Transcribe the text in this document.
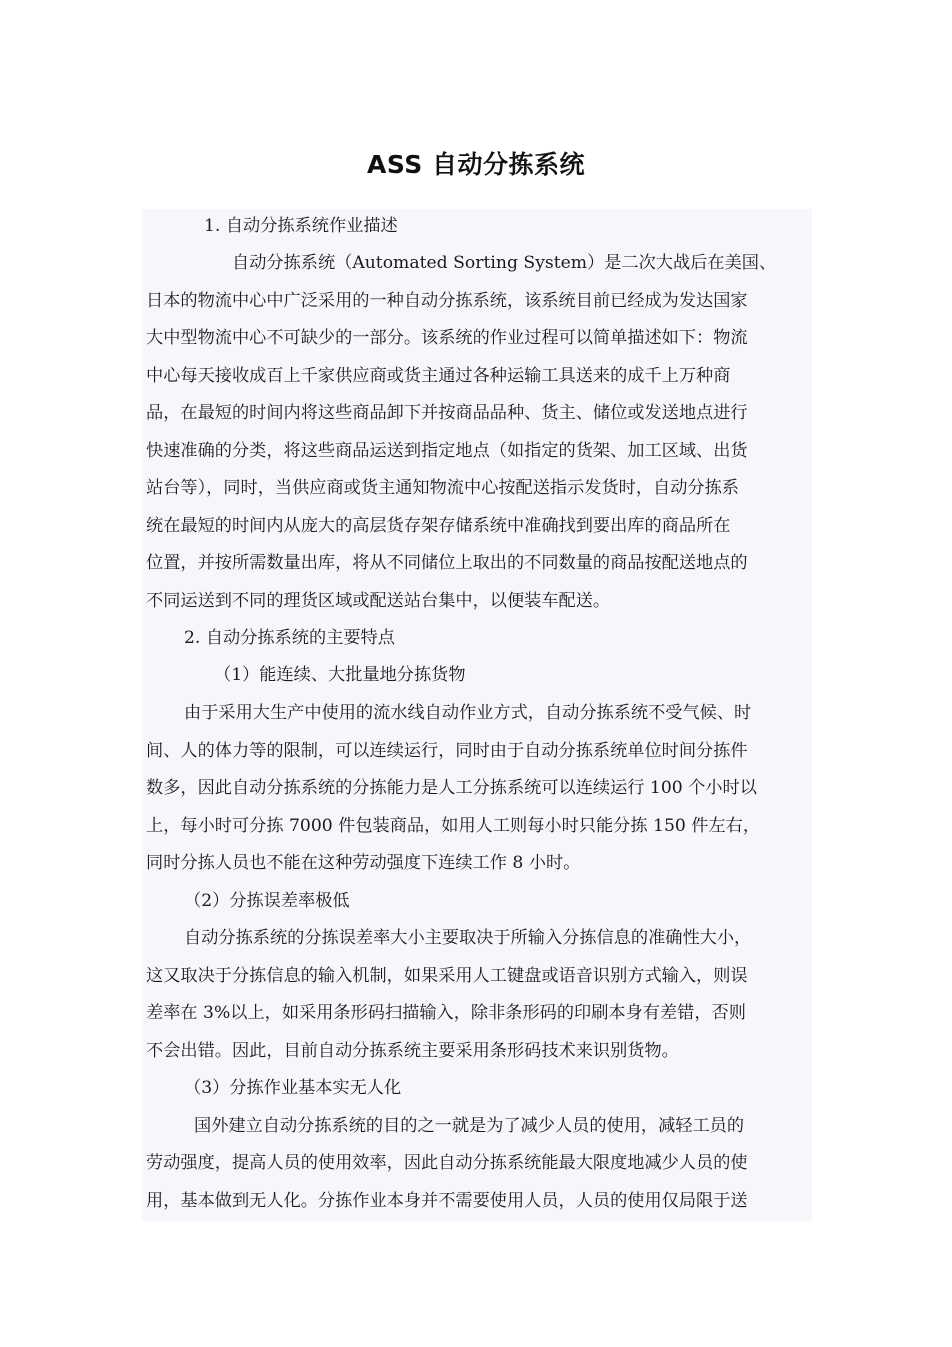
ASS 自动分拣系统
1. 自动分拣系统作业描述
自动分拣系统（Automated Sorting System）是二次大战后在美国、
日本的物流中心中广泛采用的一种自动分拣系统，该系统目前已经成为发达国家
大中型物流中心不可缺少的一部分。该系统的作业过程可以简单描述如下：物流
中心每天接收成百上千家供应商或货主通过各种运输工具送来的成千上万种商
品，在最短的时间内将这些商品卸下并按商品品种、货主、储位或发送地点进行
快速准确的分类，将这些商品运送到指定地点（如指定的货架、加工区域、出货
站台等），同时，当供应商或货主通知物流中心按配送指示发货时，自动分拣系
统在最短的时间内从庞大的高层货存架存储系统中准确找到要出库的商品所在
位置，并按所需数量出库，将从不同储位上取出的不同数量的商品按配送地点的
不同运送到不同的理货区域或配送站台集中，以便装车配送。
2. 自动分拣系统的主要特点
（1）能连续、大批量地分拣货物
由于采用大生产中使用的流水线自动作业方式，自动分拣系统不受气候、时
间、人的体力等的限制，可以连续运行，同时由于自动分拣系统单位时间分拣件
数多，因此自动分拣系统的分拣能力是人工分拣系统可以连续运行 100 个小时以
上，每小时可分拣 7000 件包装商品，如用人工则每小时只能分拣 150 件左右，
同时分拣人员也不能在这种劳动强度下连续工作 8 小时。
（2）分拣误差率极低
自动分拣系统的分拣误差率大小主要取决于所输入分拣信息的准确性大小，
这又取决于分拣信息的输入机制，如果采用人工键盘或语音识别方式输入，则误
差率在 3%以上，如采用条形码扫描输入，除非条形码的印刷本身有差错，否则
不会出错。因此，目前自动分拣系统主要采用条形码技术来识别货物。
（3）分拣作业基本实无人化
国外建立自动分拣系统的目的之一就是为了减少人员的使用，减轻工员的
劳动强度，提高人员的使用效率，因此自动分拣系统能最大限度地减少人员的使
用，基本做到无人化。分拣作业本身并不需要使用人员，人员的使用仅局限于送
